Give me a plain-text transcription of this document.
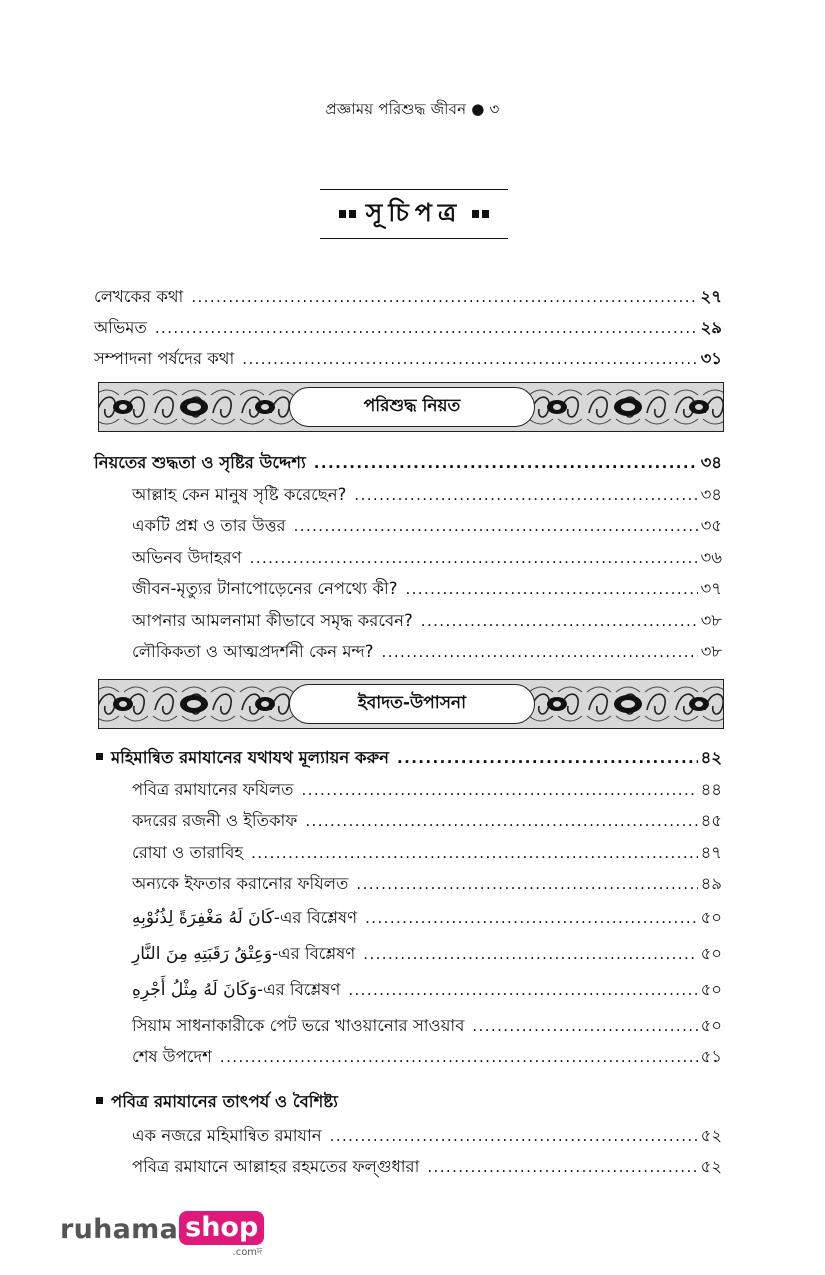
প্রজ্ঞাময় পরিশুদ্ধ জীবন ● ৩
সূচিপত্র
লেখকের কথা .....	২৭
অভিমত .....	২৯
সম্পাদনা পর্ষদের কথা .....	৩১
পরিশুদ্ধ নিয়ত
নিয়তের শুদ্ধতা ও সৃষ্টির উদ্দেশ্য .....	৩৪
আল্লাহ কেন মানুষ সৃষ্টি করেছেন? .....	৩৪
একটি প্রশ্ন ও তার উত্তর .....	৩৫
অভিনব উদাহরণ .....	৩৬
জীবন-মৃত্যুর টানাপোড়েনের নেপথ্যে কী? .....	৩৭
আপনার আমলনামা কীভাবে সমৃদ্ধ করবেন? .....	৩৮
লৌকিকতা ও আত্মপ্রদর্শনী কেন মন্দ? .....	৩৮
ইবাদত-উপাসনা
মহিমান্বিত রমাযানের যথাযথ মূল্যায়ন করুন .....	৪২
পবিত্র রমাযানের ফযিলত .....	৪৪
কদরের রজনী ও ইতিকাফ .....	৪৫
রোযা ও তারাবিহ .....	৪৭
অন্যকে ইফতার করানোর ফযিলত .....	৪৯
كَانَ لَهُ مَغْفِرَةً لِذُنُوْبِهِ-এর বিশ্লেষণ .....	৫০
وَعِتْقُ رَقَبَتِهِ مِنَ النَّارِ-এর বিশ্লেষণ .....	৫০
وَكَانَ لَهُ مِثْلُ أَجْرِهِ-এর বিশ্লেষণ .....	৫০
সিয়াম সাধনাকারীকে পেট ভরে খাওয়ানোর সাওয়াব .....	৫০
শেষ উপদেশ .....	৫১
পবিত্র রমাযানের তাৎপর্য ও বৈশিষ্ট্য
এক নজরে মহিমান্বিত রমাযান .....	৫২
পবিত্র রমাযানে আল্লাহর রহমতের ফল্গুধারা .....	৫২
ruhama shop
.comদ
